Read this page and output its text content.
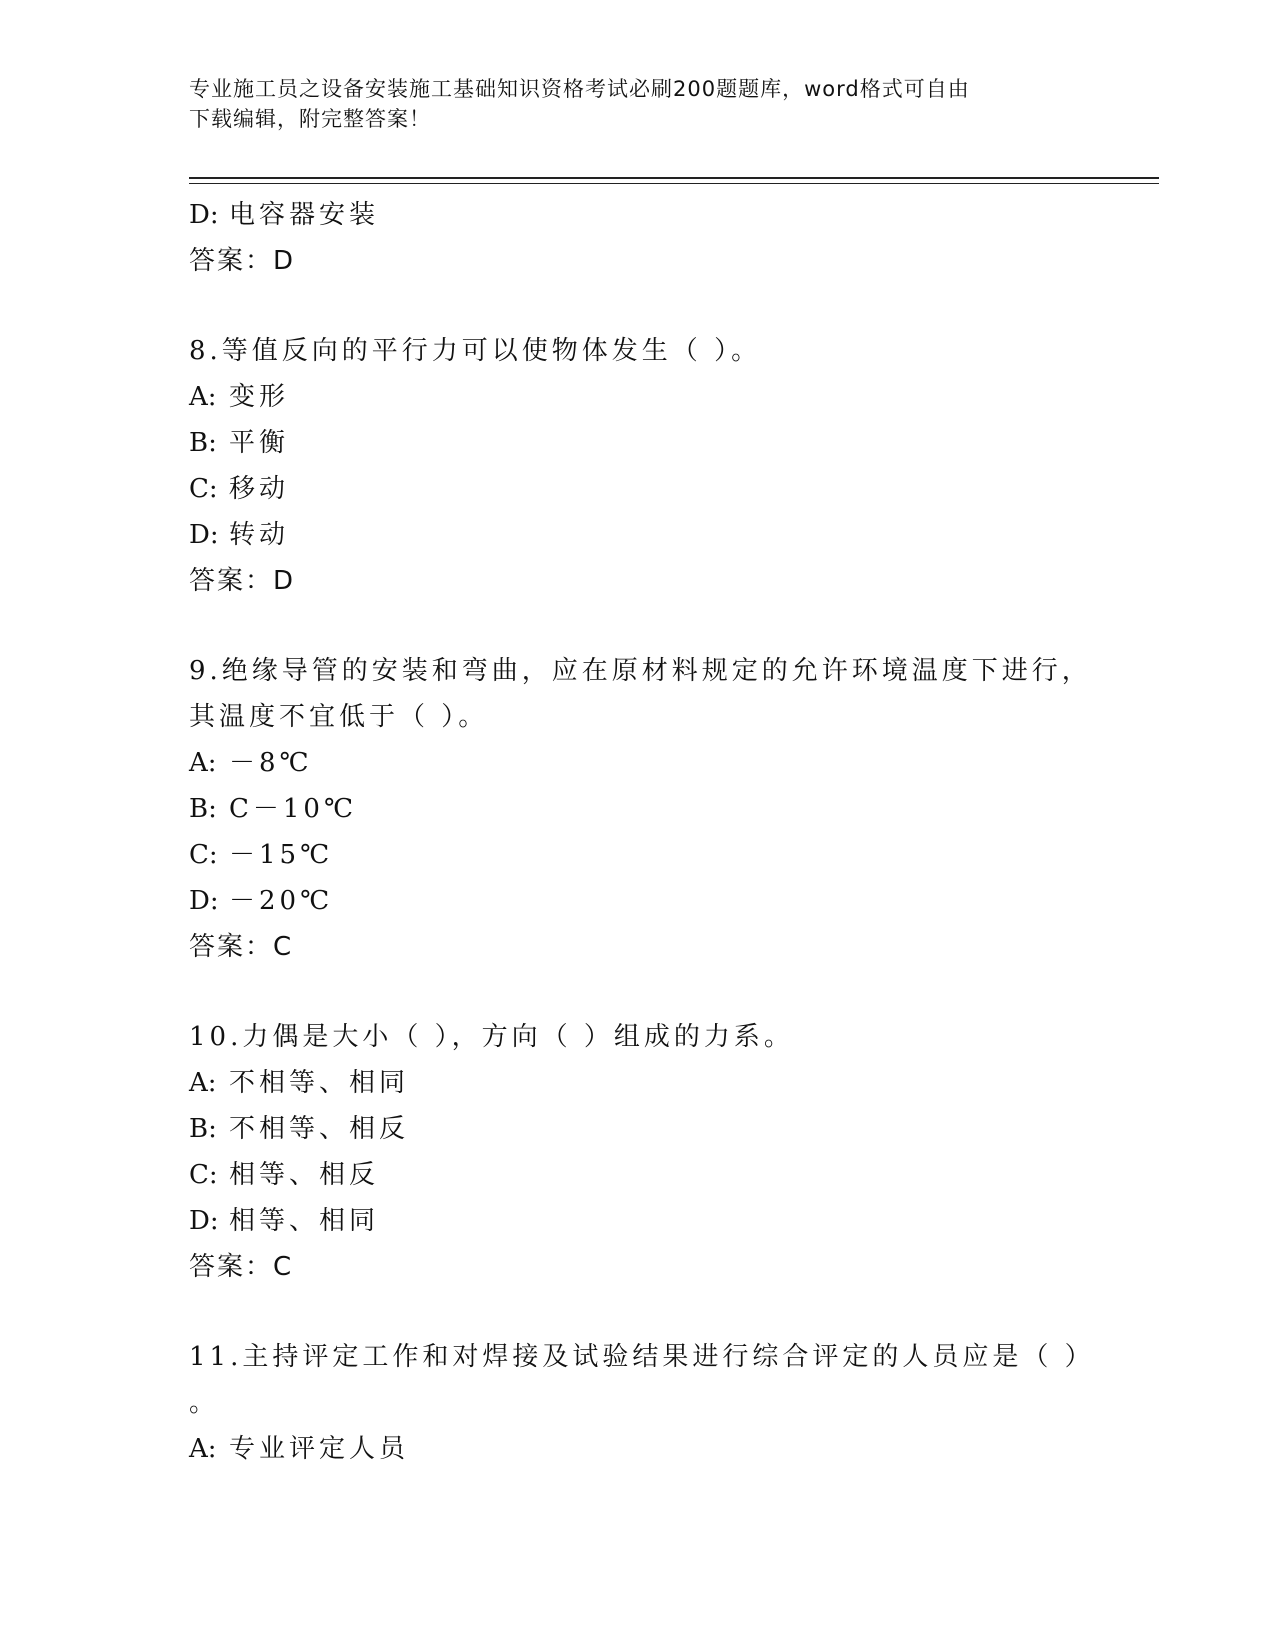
专业施工员之设备安装施工基础知识资格考试必刷200题题库，word格式可自由
下载编辑，附完整答案！
D: 电容器安装
答案：D
8.等值反向的平行力可以使物体发生（ ）。
A: 变形
B: 平衡
C: 移动
D: 转动
答案：D
9.绝缘导管的安装和弯曲，应在原材料规定的允许环境温度下进行，
其温度不宜低于（ ）。
A: －8℃
B: C－10℃
C: －15℃
D: －20℃
答案：C
10.力偶是大小（ ），方向（ ）组成的力系。
A: 不相等、相同
B: 不相等、相反
C: 相等、相反
D: 相等、相同
答案：C
11.主持评定工作和对焊接及试验结果进行综合评定的人员应是（ ）
。
A: 专业评定人员
